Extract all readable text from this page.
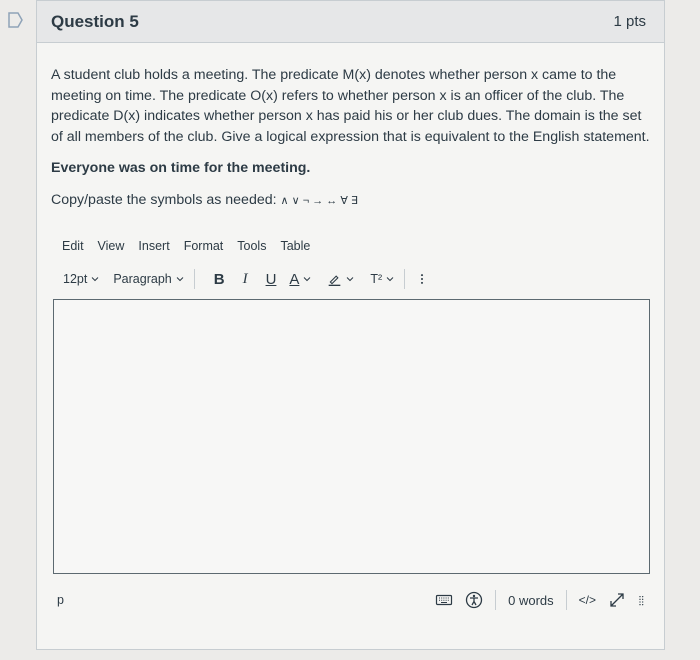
Question 5	1 pts

A student club holds a meeting. The predicate M(x) denotes whether person x came to the meeting on time. The predicate O(x) refers to whether person x is an officer of the club. The predicate D(x) indicates whether person x has paid his or her club dues. The domain is the set of all members of the club. Give a logical expression that is equivalent to the English statement.

Everyone was on time for the meeting.

Copy/paste the symbols as needed: ∧ ∨ ¬ → ↔ ∀ ∃

Edit View Insert Format Tools Table
12pt Paragraph	B I U A	T²
p	0 words </>
